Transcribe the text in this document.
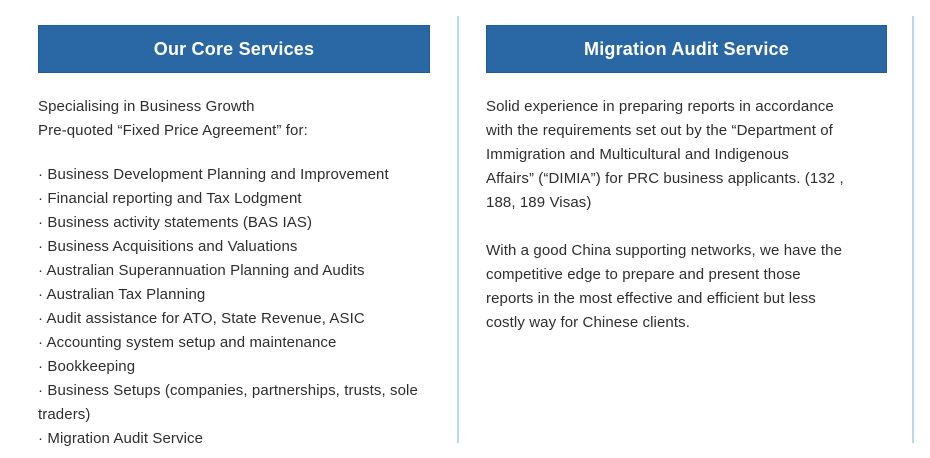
Our Core Services
Specialising in Business Growth
Pre-quoted “Fixed Price Agreement” for:
· Business Development Planning and Improvement
· Financial reporting and Tax Lodgment
· Business activity statements (BAS IAS)
· Business Acquisitions and Valuations
· Australian Superannuation Planning and Audits
· Australian Tax Planning
· Audit assistance for ATO, State Revenue, ASIC
· Accounting system setup and maintenance
· Bookkeeping
· Business Setups (companies, partnerships, trusts, sole traders)
· Migration Audit Service
Migration Audit Service
Solid experience in preparing reports in accordance
with the requirements set out by the “Department of
Immigration and Multicultural and Indigenous
Affairs” (“DIMIA”) for PRC business applicants. (132 ,
188, 189 Visas)
With a good China supporting networks, we have the
competitive edge to prepare and present those
reports in the most effective and efficient but less
costly way for Chinese clients.
